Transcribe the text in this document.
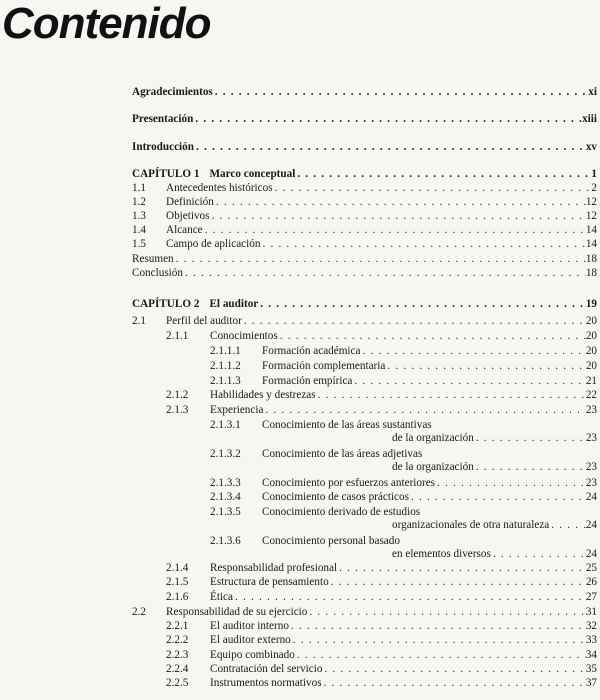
Contenido
Agradecimientos . . .	xi
Presentación . . .	xiii
Introducción . . .	xv
CAPÍTULO 1 Marco conceptual . . .	1
1.1	Antecedentes históricos . . .	2
1.2	Definición . . .	12
1.3	Objetivos . . .	12
1.4	Alcance . . .	14
1.5	Campo de aplicación . . .	14
Resumen . . .	18
Conclusión . . .	18
CAPÍTULO 2 El auditor . . .	19
2.1	Perfil del auditor . . .	20
2.1.1	Conocimientos . . .	20
2.1.1.1	Formación académica . . .	20
2.1.1.2	Formación complementaria . . .	20
2.1.1.3	Formación empírica . . .	21
2.1.2	Habilidades y destrezas . . .	22
2.1.3	Experiencia . . .	23
2.1.3.1	Conocimiento de las áreas sustantivas
de la organización . . .	23
2.1.3.2	Conocimiento de las áreas adjetivas
de la organización . . .	23
2.1.3.3	Conocimiento por esfuerzos anteriores . . .	23
2.1.3.4	Conocimiento de casos prácticos . . .	24
2.1.3.5	Conocimiento derivado de estudios
organizacionales de otra naturaleza . . .	24
2.1.3.6	Conocimiento personal basado
en elementos diversos . . .	24
2.1.4	Responsabilidad profesional . . .	25
2.1.5	Estructura de pensamiento . . .	26
2.1.6	Ética . . .	27
2.2	Responsabilidad de su ejercicio . . .	31
2.2.1	El auditor interno . . .	32
2.2.2	El auditor externo . . .	33
2.2.3	Equipo combinado . . .	34
2.2.4	Contratación del servicio . . .	35
2.2.5	Instrumentos normativos . . .	37
